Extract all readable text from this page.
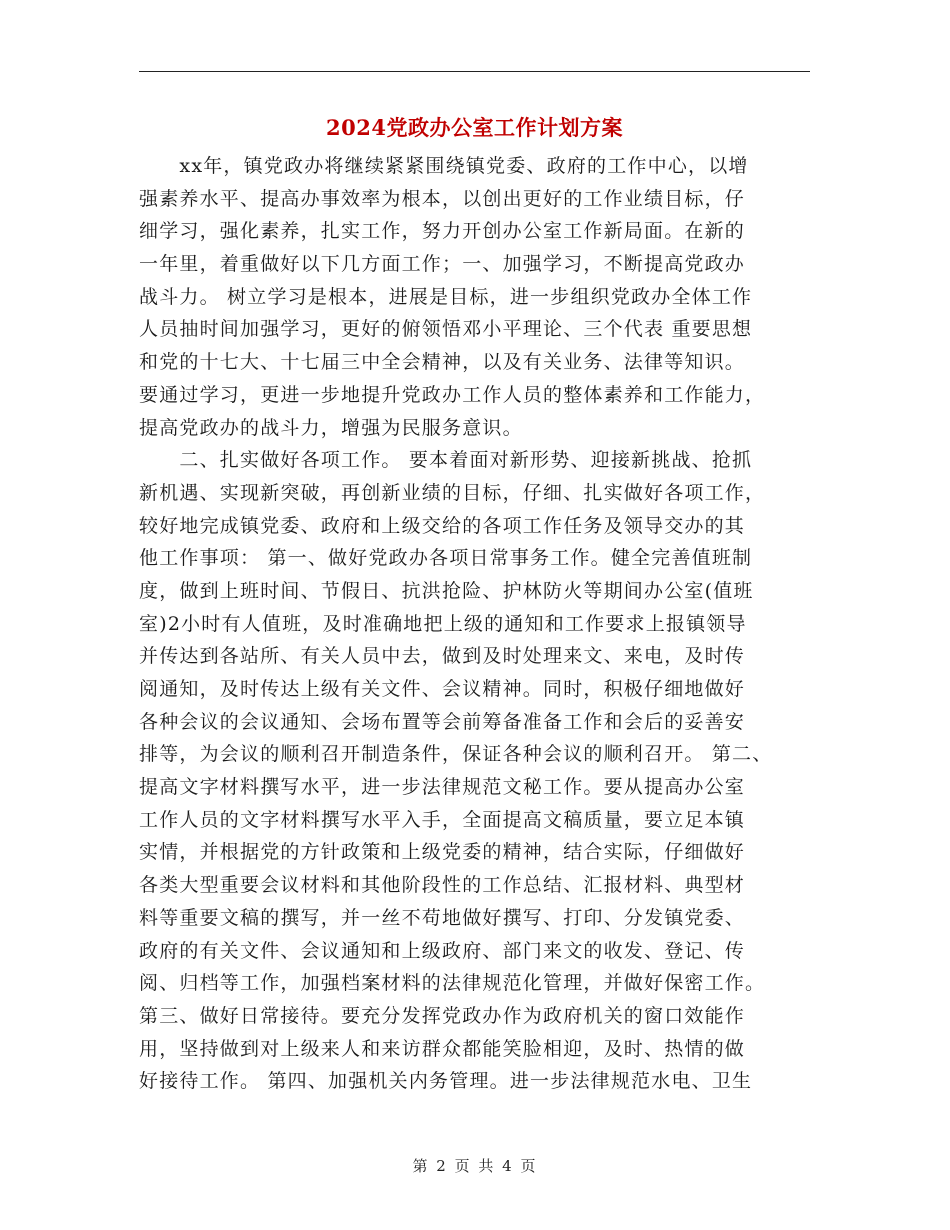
2024党政办公室工作计划方案
　　xx年，镇党政办将继续紧紧围绕镇党委、政府的工作中心，以增
强素养水平、提高办事效率为根本，以创出更好的工作业绩目标，仔
细学习，强化素养，扎实工作，努力开创办公室工作新局面。在新的
一年里，着重做好以下几方面工作；一、加强学习，不断提高党政办
战斗力。 树立学习是根本，进展是目标，进一步组织党政办全体工作
人员抽时间加强学习，更好的俯领悟邓小平理论、三个代表 重要思想
和党的十七大、十七届三中全会精神，以及有关业务、法律等知识。
要通过学习，更进一步地提升党政办工作人员的整体素养和工作能力，
提高党政办的战斗力，增强为民服务意识。
　　二、扎实做好各项工作。 要本着面对新形势、迎接新挑战、抢抓
新机遇、实现新突破，再创新业绩的目标，仔细、扎实做好各项工作，
较好地完成镇党委、政府和上级交给的各项工作任务及领导交办的其
他工作事项： 第一、做好党政办各项日常事务工作。健全完善值班制
度，做到上班时间、节假日、抗洪抢险、护林防火等期间办公室(值班
室)2小时有人值班，及时准确地把上级的通知和工作要求上报镇领导
并传达到各站所、有关人员中去，做到及时处理来文、来电，及时传
阅通知，及时传达上级有关文件、会议精神。同时，积极仔细地做好
各种会议的会议通知、会场布置等会前筹备准备工作和会后的妥善安
排等，为会议的顺利召开制造条件，保证各种会议的顺利召开。 第二、
提高文字材料撰写水平，进一步法律规范文秘工作。要从提高办公室
工作人员的文字材料撰写水平入手，全面提高文稿质量，要立足本镇
实情，并根据党的方针政策和上级党委的精神，结合实际，仔细做好
各类大型重要会议材料和其他阶段性的工作总结、汇报材料、典型材
料等重要文稿的撰写，并一丝不苟地做好撰写、打印、分发镇党委、
政府的有关文件、会议通知和上级政府、部门来文的收发、登记、传
阅、归档等工作，加强档案材料的法律规范化管理，并做好保密工作。
第三、做好日常接待。要充分发挥党政办作为政府机关的窗口效能作
用，坚持做到对上级来人和来访群众都能笑脸相迎，及时、热情的做
好接待工作。 第四、加强机关内务管理。进一步法律规范水电、卫生
第 2 页 共 4 页
